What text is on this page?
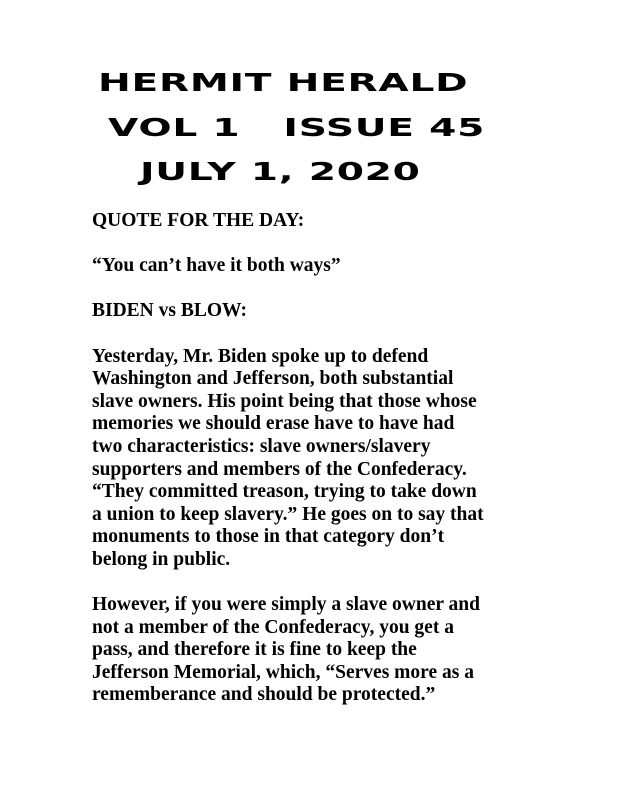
HERMIT HERALD
VOL 1   ISSUE 45
JULY 1, 2020

QUOTE FOR THE DAY:

“You can’t have it both ways”

BIDEN vs BLOW:

Yesterday, Mr. Biden spoke up to defend
Washington and Jefferson, both substantial
slave owners. His point being that those whose
memories we should erase have to have had
two characteristics: slave owners/slavery
supporters and members of the Confederacy.
“They committed treason, trying to take down
a union to keep slavery.” He goes on to say that
monuments to those in that category don’t
belong in public.

However, if you were simply a slave owner and
not a member of the Confederacy, you get a
pass, and therefore it is fine to keep the
Jefferson Memorial, which, “Serves more as a
rememberance and should be protected.”
